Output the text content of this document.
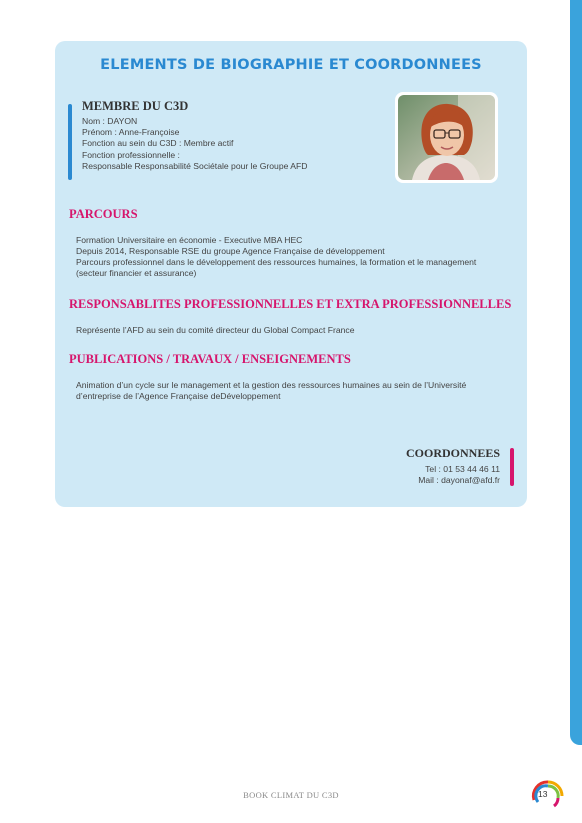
ELEMENTS DE BIOGRAPHIE ET COORDONNEES
MEMBRE DU C3D
Nom : DAYON
Prénom : Anne-Françoise
Fonction au sein du C3D : Membre actif
Fonction professionnelle :
Responsable Responsabilité Sociétale pour le Groupe AFD
PARCOURS
Formation Universitaire en économie - Executive MBA HEC
Depuis 2014, Responsable RSE du groupe Agence Française de développement
Parcours professionnel dans le développement des ressources humaines, la formation et le management
(secteur financier et assurance)
RESPONSABLITES PROFESSIONNELLES ET EXTRA PROFESSIONNELLES
Représente l’AFD au sein du comité directeur du Global Compact France
PUBLICATIONS / TRAVAUX / ENSEIGNEMENTS
Animation d’un cycle sur le management et la gestion des ressources humaines au sein de l’Université
d’entreprise de l’Agence Française deDéveloppement
COORDONNEES
Tel : 01 53 44 46 11
Mail : dayonaf@afd.fr
BOOK CLIMAT DU C3D	13
